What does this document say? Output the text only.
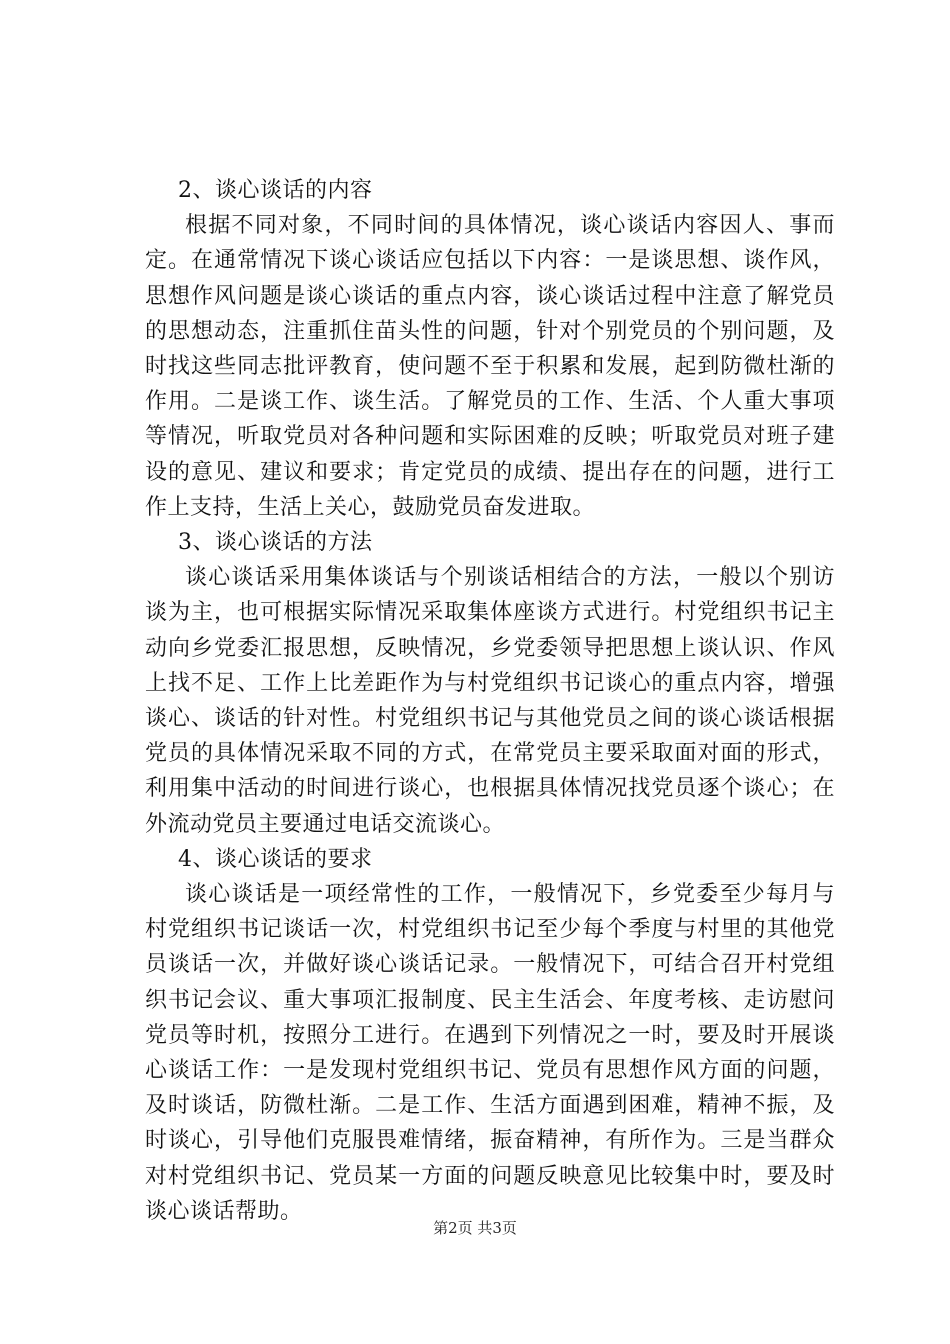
2、谈心谈话的内容

根据不同对象，不同时间的具体情况，谈心谈话内容因人、事而定。在通常情况下谈心谈话应包括以下内容：一是谈思想、谈作风，思想作风问题是谈心谈话的重点内容，谈心谈话过程中注意了解党员的思想动态，注重抓住苗头性的问题，针对个别党员的个别问题，及时找这些同志批评教育，使问题不至于积累和发展，起到防微杜渐的作用。二是谈工作、谈生活。了解党员的工作、生活、个人重大事项等情况，听取党员对各种问题和实际困难的反映；听取党员对班子建设的意见、建议和要求；肯定党员的成绩、提出存在的问题，进行工作上支持，生活上关心，鼓励党员奋发进取。

3、谈心谈话的方法

谈心谈话采用集体谈话与个别谈话相结合的方法，一般以个别访谈为主，也可根据实际情况采取集体座谈方式进行。村党组织书记主动向乡党委汇报思想，反映情况，乡党委领导把思想上谈认识、作风上找不足、工作上比差距作为与村党组织书记谈心的重点内容，增强谈心、谈话的针对性。村党组织书记与其他党员之间的谈心谈话根据党员的具体情况采取不同的方式，在常党员主要采取面对面的形式，利用集中活动的时间进行谈心，也根据具体情况找党员逐个谈心；在外流动党员主要通过电话交流谈心。

4、谈心谈话的要求

谈心谈话是一项经常性的工作，一般情况下，乡党委至少每月与村党组织书记谈话一次，村党组织书记至少每个季度与村里的其他党员谈话一次，并做好谈心谈话记录。一般情况下，可结合召开村党组织书记会议、重大事项汇报制度、民主生活会、年度考核、走访慰问党员等时机，按照分工进行。在遇到下列情况之一时，要及时开展谈心谈话工作：一是发现村党组织书记、党员有思想作风方面的问题，及时谈话，防微杜渐。二是工作、生活方面遇到困难，精神不振，及时谈心，引导他们克服畏难情绪，振奋精神，有所作为。三是当群众对村党组织书记、党员某一方面的问题反映意见比较集中时，要及时谈心谈话帮助。

第2页 共3页
